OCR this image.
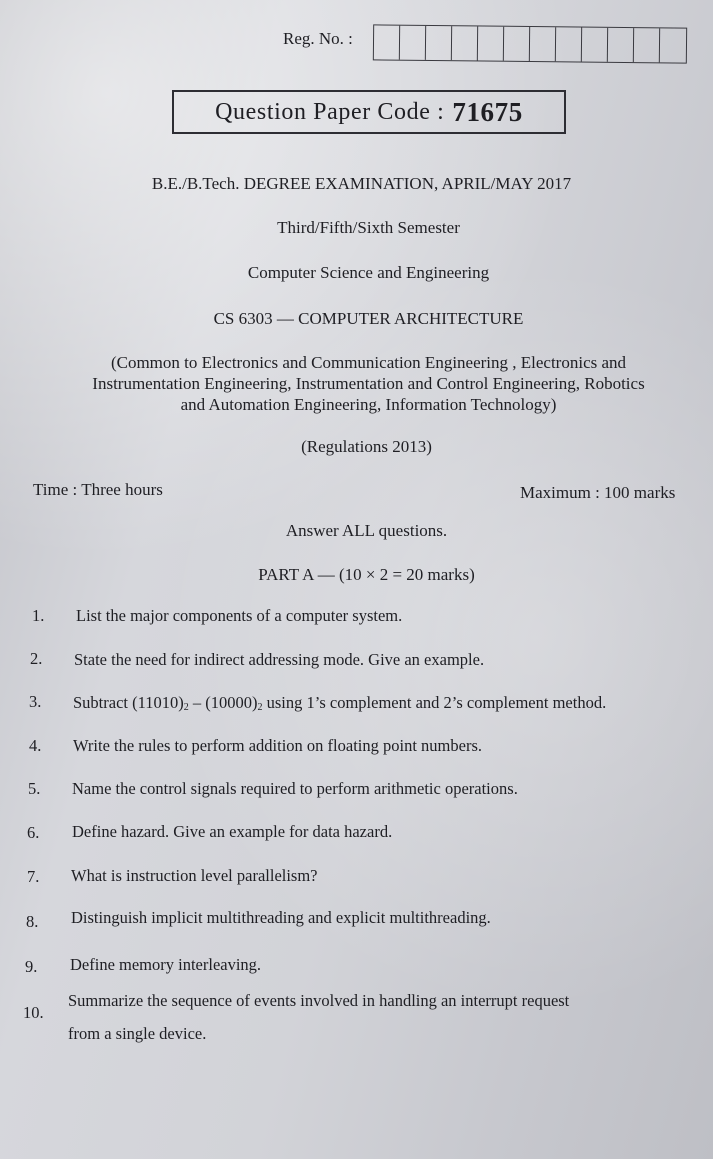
Reg. No. :
Question Paper Code : 71675
B.E./B.Tech. DEGREE EXAMINATION, APRIL/MAY 2017
Third/Fifth/Sixth Semester
Computer Science and Engineering
CS 6303 — COMPUTER ARCHITECTURE
(Common to Electronics and Communication Engineering , Electronics and
Instrumentation Engineering, Instrumentation and Control Engineering, Robotics
and Automation Engineering, Information Technology)
(Regulations 2013)
Time : Three hours	Maximum : 100 marks
Answer ALL questions.
PART A — (10 × 2 = 20 marks)
1. List the major components of a computer system.
2. State the need for indirect addressing mode. Give an example.
3. Subtract $(11010)_2 - (10000)_2$ using 1’s complement and 2’s complement method.
4. Write the rules to perform addition on floating point numbers.
5. Name the control signals required to perform arithmetic operations.
6. Define hazard. Give an example for data hazard.
7. What is instruction level parallelism?
8. Distinguish implicit multithreading and explicit multithreading.
9. Define memory interleaving.
10.
Summarize the sequence of events involved in handling an interrupt request
from a single device.
